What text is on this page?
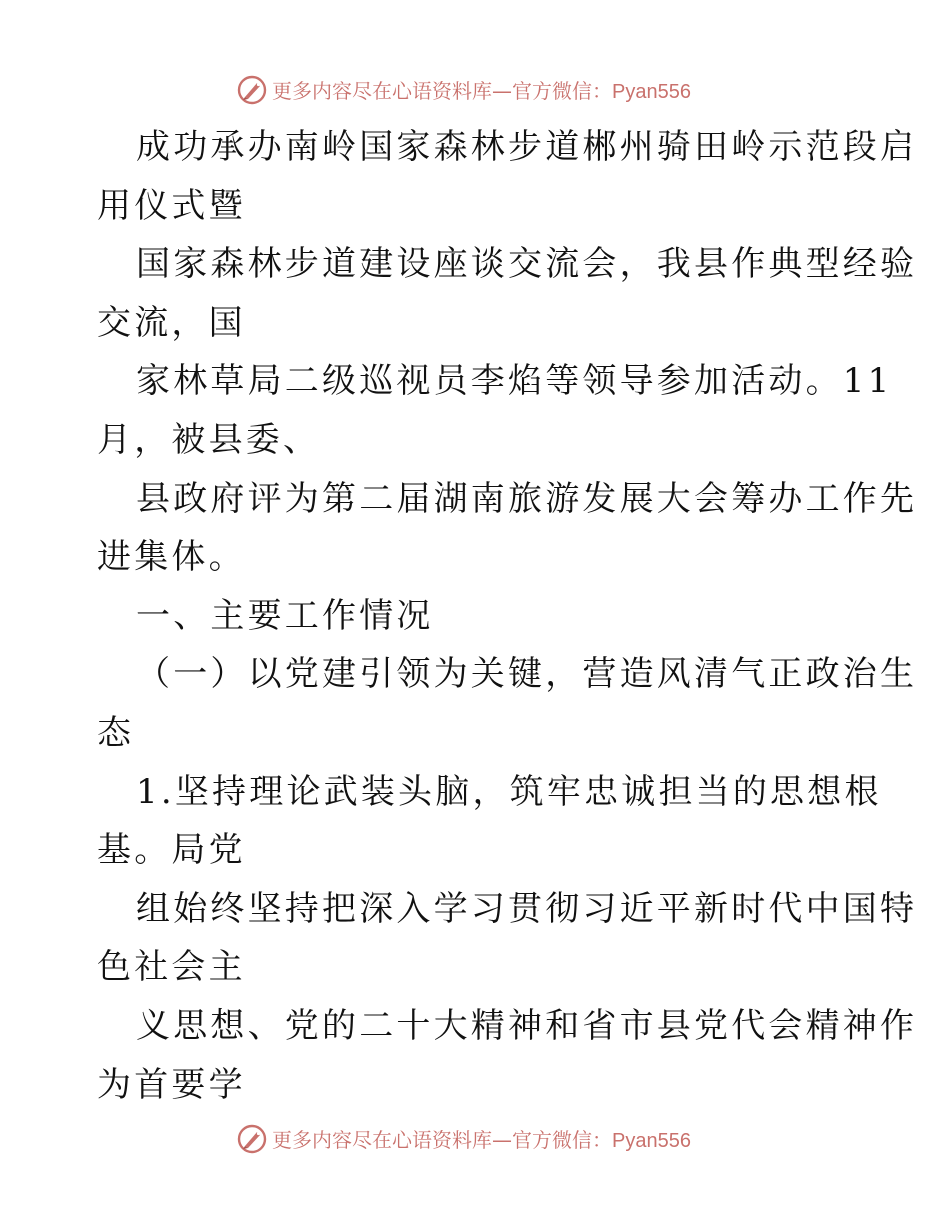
更多内容尽在心语资料库—官方微信：Pyan556
成功承办南岭国家森林步道郴州骑田岭示范段启
用仪式暨
国家森林步道建设座谈交流会，我县作典型经验
交流，国
家林草局二级巡视员李焰等领导参加活动。11
月，被县委、
县政府评为第二届湖南旅游发展大会筹办工作先
进集体。
一、主要工作情况
（一）以党建引领为关键，营造风清气正政治生
态
1.坚持理论武装头脑，筑牢忠诚担当的思想根
基。局党
组始终坚持把深入学习贯彻习近平新时代中国特
色社会主
义思想、党的二十大精神和省市县党代会精神作
为首要学
更多内容尽在心语资料库—官方微信：Pyan556
